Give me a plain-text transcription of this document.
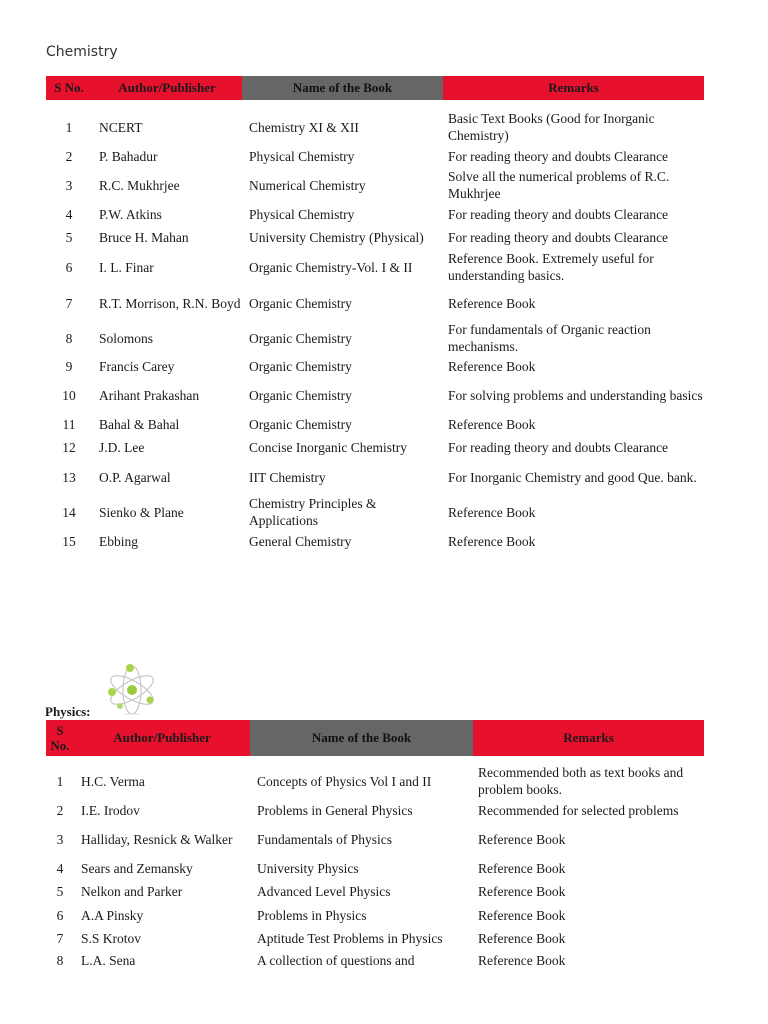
Chemistry
S No.	Author/Publisher	Name of the Book	Remarks

1	NCERT	Chemistry XI & XII	Basic Text Books (Good for Inorganic Chemistry)
2	P. Bahadur	Physical Chemistry	For reading theory and doubts Clearance
3	R.C. Mukhrjee	Numerical Chemistry	Solve all the numerical problems of R.C. Mukhrjee
4	P.W. Atkins	Physical Chemistry	For reading theory and doubts Clearance
5	Bruce H. Mahan	University Chemistry (Physical)	For reading theory and doubts Clearance
6	I. L. Finar	Organic Chemistry-Vol. I & II	Reference Book. Extremely useful for understanding basics.
7	R.T. Morrison, R.N. Boyd	Organic Chemistry	Reference Book
8	Solomons	Organic Chemistry	For fundamentals of Organic reaction mechanisms.
9	Francis Carey	Organic Chemistry	Reference Book
10	Arihant Prakashan	Organic Chemistry	For solving problems and understanding basics
11	Bahal & Bahal	Organic Chemistry	Reference Book
12	J.D. Lee	Concise Inorganic Chemistry	For reading theory and doubts Clearance
13	O.P. Agarwal	IIT Chemistry	For Inorganic Chemistry and good Que. bank.
14	Sienko & Plane	Chemistry Principles & Applications	Reference Book
15	Ebbing	General Chemistry	Reference Book
Physics:
S No.	Author/Publisher	Name of the Book	Remarks

1	H.C. Verma	Concepts of Physics Vol I and II	Recommended both as text books and problem books.
2	I.E. Irodov	Problems in General Physics	Recommended for selected problems
3	Halliday, Resnick & Walker	Fundamentals of Physics	Reference Book
4	Sears and Zemansky	University Physics	Reference Book
5	Nelkon and Parker	Advanced Level Physics	Reference Book
6	A.A Pinsky	Problems in Physics	Reference Book
7	S.S Krotov	Aptitude Test Problems in Physics	Reference Book
8	L.A. Sena	A collection of questions and	Reference Book
